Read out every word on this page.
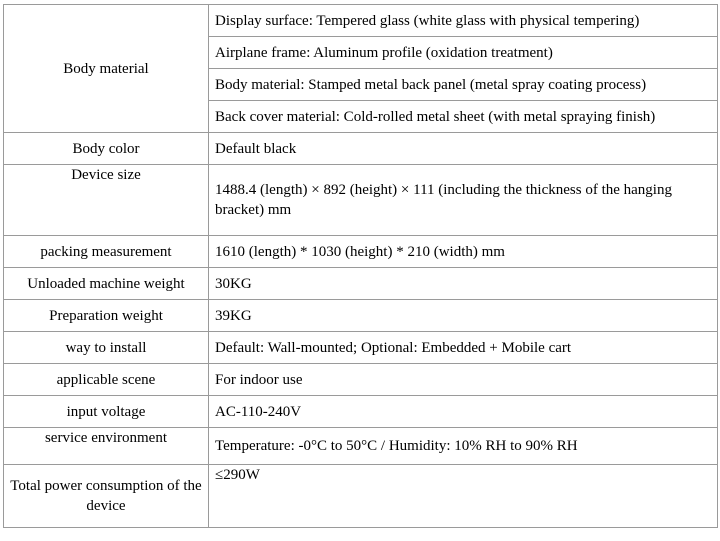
Body material	Display surface: Tempered glass (white glass with physical tempering)
	Airplane frame: Aluminum profile (oxidation treatment)
	Body material: Stamped metal back panel (metal spray coating process)
	Back cover material: Cold-rolled metal sheet (with metal spraying finish)
Body color	Default black
Device size	1488.4 (length) × 892 (height) × 111 (including the thickness of the hanging bracket) mm
packing measurement	1610 (length) * 1030 (height) * 210 (width) mm
Unloaded machine weight	30KG
Preparation weight	39KG
way to install	Default: Wall-mounted; Optional: Embedded + Mobile cart
applicable scene	For indoor use
input voltage	AC-110-240V
service environment	Temperature: -0°C to 50°C / Humidity: 10% RH to 90% RH
Total power consumption of the device	≤290W
